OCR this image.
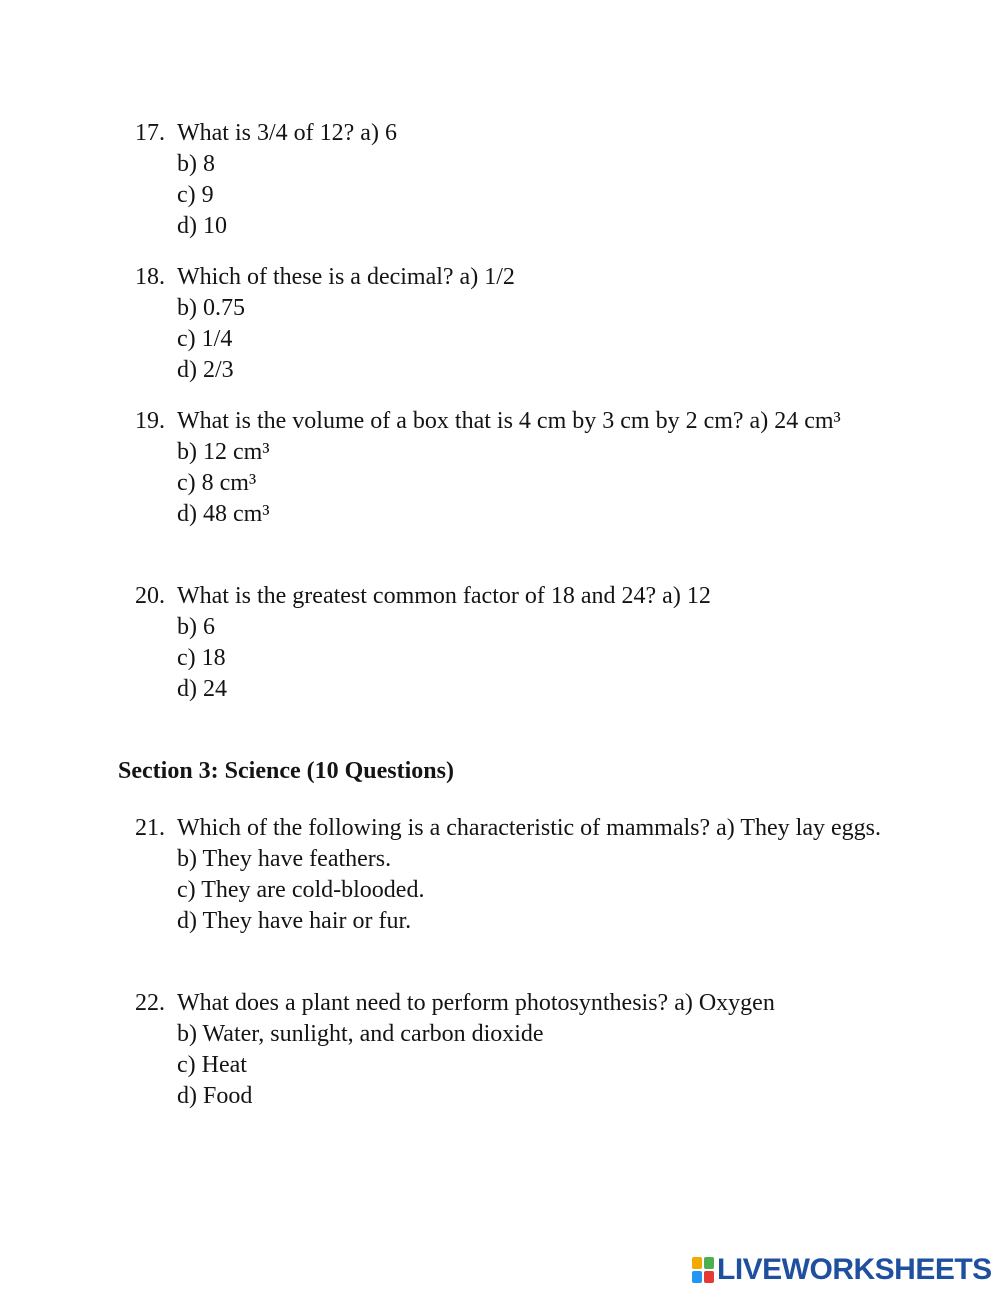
17. What is 3/4 of 12? a) 6
b) 8
c) 9
d) 10
18. Which of these is a decimal? a) 1/2
b) 0.75
c) 1/4
d) 2/3
19. What is the volume of a box that is 4 cm by 3 cm by 2 cm? a) 24 cm³
b) 12 cm³
c) 8 cm³
d) 48 cm³
20. What is the greatest common factor of 18 and 24? a) 12
b) 6
c) 18
d) 24
Section 3: Science (10 Questions)
21. Which of the following is a characteristic of mammals? a) They lay eggs.
b) They have feathers.
c) They are cold-blooded.
d) They have hair or fur.
22. What does a plant need to perform photosynthesis? a) Oxygen
b) Water, sunlight, and carbon dioxide
c) Heat
d) Food
LIVEWORKSHEETS
